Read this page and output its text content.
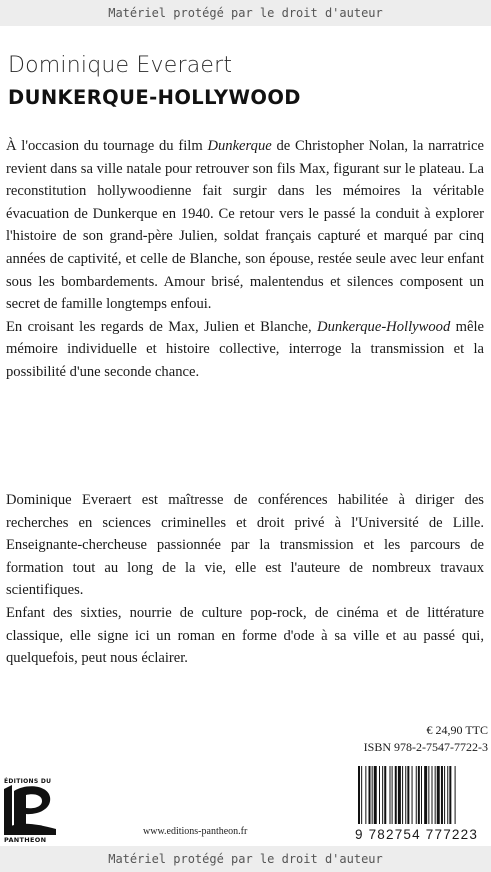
Matériel protégé par le droit d'auteur
Dominique Everaert
DUNKERQUE-HOLLYWOOD

À l'occasion du tournage du film Dunkerque de Christopher Nolan, la narratrice revient dans sa ville natale pour retrouver son fils Max, figurant sur le plateau. La reconstitution hollywoodienne fait surgir dans les mémoires la véritable évacuation de Dunkerque en 1940. Ce retour vers le passé la conduit à explorer l'histoire de son grand-père Julien, soldat français capturé et marqué par cinq années de captivité, et celle de Blanche, son épouse, restée seule avec leur enfant sous les bombardements. Amour brisé, malentendus et silences composent un secret de famille longtemps enfoui.

En croisant les regards de Max, Julien et Blanche, Dunkerque-Hollywood mêle mémoire individuelle et histoire collective, interroge la transmission et la possibilité d'une seconde chance.

Dominique Everaert est maîtresse de conférences habilitée à diriger des recherches en sciences criminelles et droit privé à l'Université de Lille. Enseignante-chercheuse passionnée par la transmission et les parcours de formation tout au long de la vie, elle est l'auteure de nombreux travaux scientifiques.

Enfant des sixties, nourrie de culture pop-rock, de cinéma et de littérature classique, elle signe ici un roman en forme d'ode à sa ville et au passé qui, quelquefois, peut nous éclairer.

€ 24,90 TTC
ISBN 978-2-7547-7722-3
ÉDITIONS DU
PANTHEON
www.editions-pantheon.fr	9 782754 777223
Matériel protégé par le droit d'auteur
